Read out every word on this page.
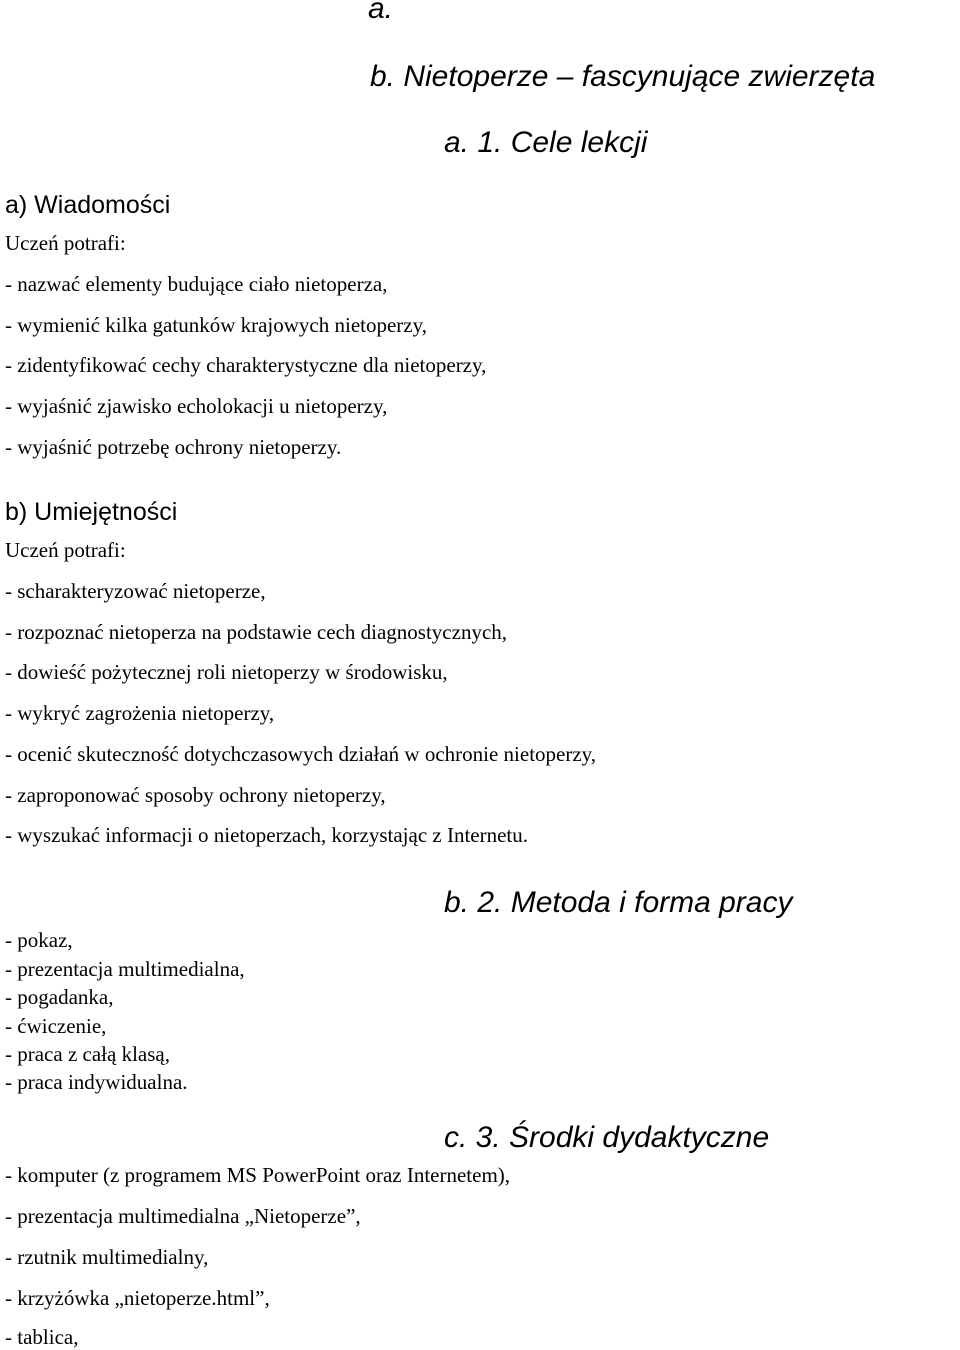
a.
b. Nietoperze – fascynujące zwierzęta
a. 1. Cele lekcji
a) Wiadomości
Uczeń potrafi:
- nazwać elementy budujące ciało nietoperza,
- wymienić kilka gatunków krajowych nietoperzy,
- zidentyfikować cechy charakterystyczne dla nietoperzy,
- wyjaśnić zjawisko echolokacji u nietoperzy,
- wyjaśnić potrzebę ochrony nietoperzy.
b) Umiejętności
Uczeń potrafi:
- scharakteryzować nietoperze,
- rozpoznać nietoperza na podstawie cech diagnostycznych,
- dowieść pożytecznej roli nietoperzy w środowisku,
- wykryć zagrożenia nietoperzy,
- ocenić skuteczność dotychczasowych działań w ochronie nietoperzy,
- zaproponować sposoby ochrony nietoperzy,
- wyszukać informacji o nietoperzach, korzystając z Internetu.
b. 2. Metoda i forma pracy
- pokaz,
- prezentacja multimedialna,
- pogadanka,
- ćwiczenie,
- praca z całą klasą,
- praca indywidualna.
c. 3. Środki dydaktyczne
- komputer (z programem MS PowerPoint oraz Internetem),
- prezentacja multimedialna „Nietoperze”,
- rzutnik multimedialny,
- krzyżówka „nietoperze.html”,
- tablica,
